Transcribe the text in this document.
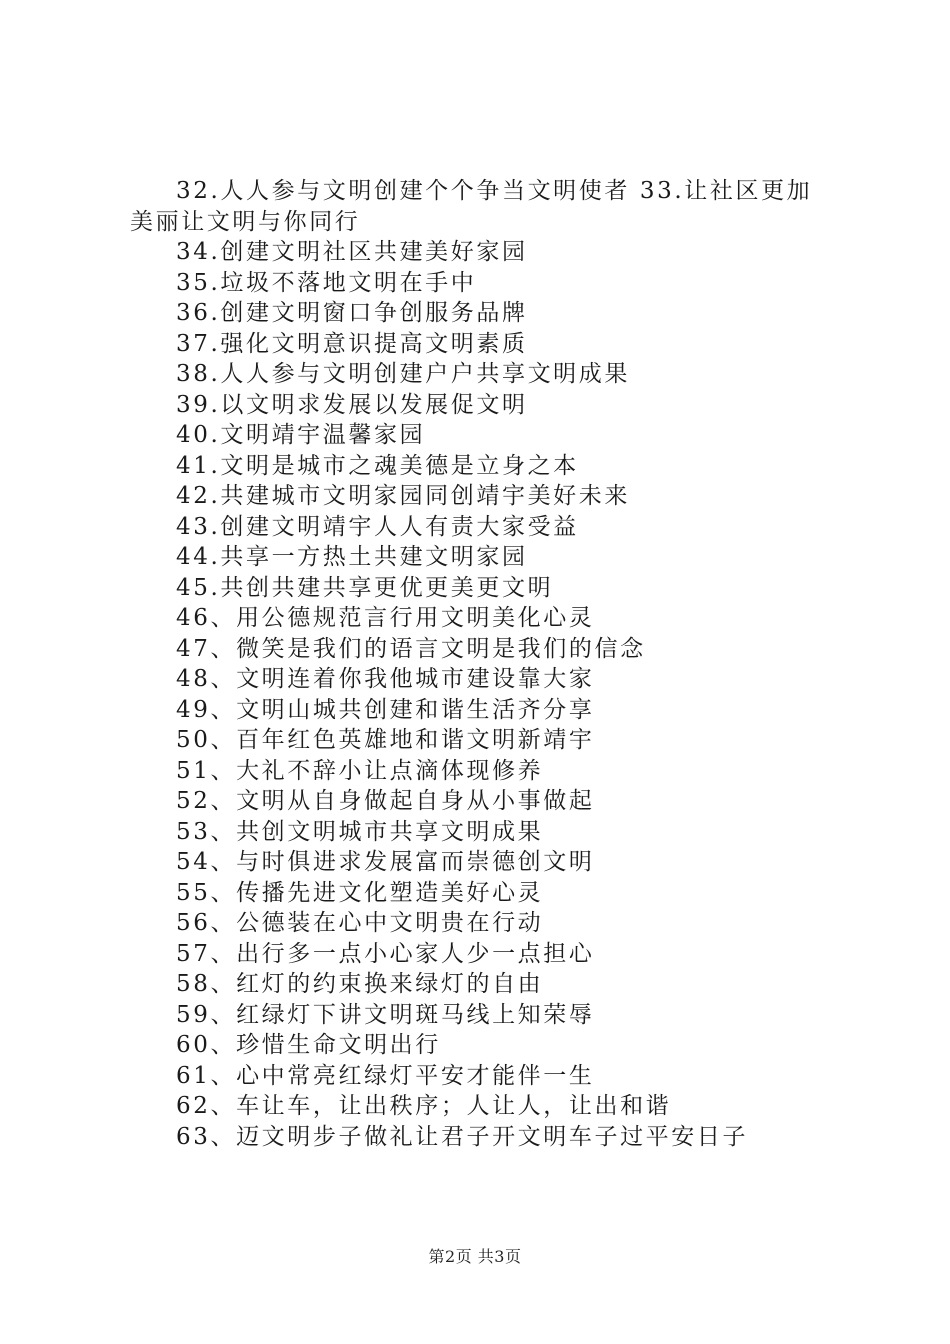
32.人人参与文明创建个个争当文明使者 33.让社区更加美丽让文明与你同行

34.创建文明社区共建美好家园

35.垃圾不落地文明在手中

36.创建文明窗口争创服务品牌

37.强化文明意识提高文明素质

38.人人参与文明创建户户共享文明成果

39.以文明求发展以发展促文明

40.文明靖宇温馨家园

41.文明是城市之魂美德是立身之本

42.共建城市文明家园同创靖宇美好未来

43.创建文明靖宇人人有责大家受益

44.共享一方热土共建文明家园

45.共创共建共享更优更美更文明

46、用公德规范言行用文明美化心灵

47、微笑是我们的语言文明是我们的信念

48、文明连着你我他城市建设靠大家

49、文明山城共创建和谐生活齐分享

50、百年红色英雄地和谐文明新靖宇

51、大礼不辞小让点滴体现修养

52、文明从自身做起自身从小事做起

53、共创文明城市共享文明成果

54、与时俱进求发展富而崇德创文明

55、传播先进文化塑造美好心灵

56、公德装在心中文明贵在行动

57、出行多一点小心家人少一点担心

58、红灯的约束换来绿灯的自由

59、红绿灯下讲文明斑马线上知荣辱

60、珍惜生命文明出行

61、心中常亮红绿灯平安才能伴一生

62、车让车，让出秩序；人让人，让出和谐

63、迈文明步子做礼让君子开文明车子过平安日子

第2页 共3页
